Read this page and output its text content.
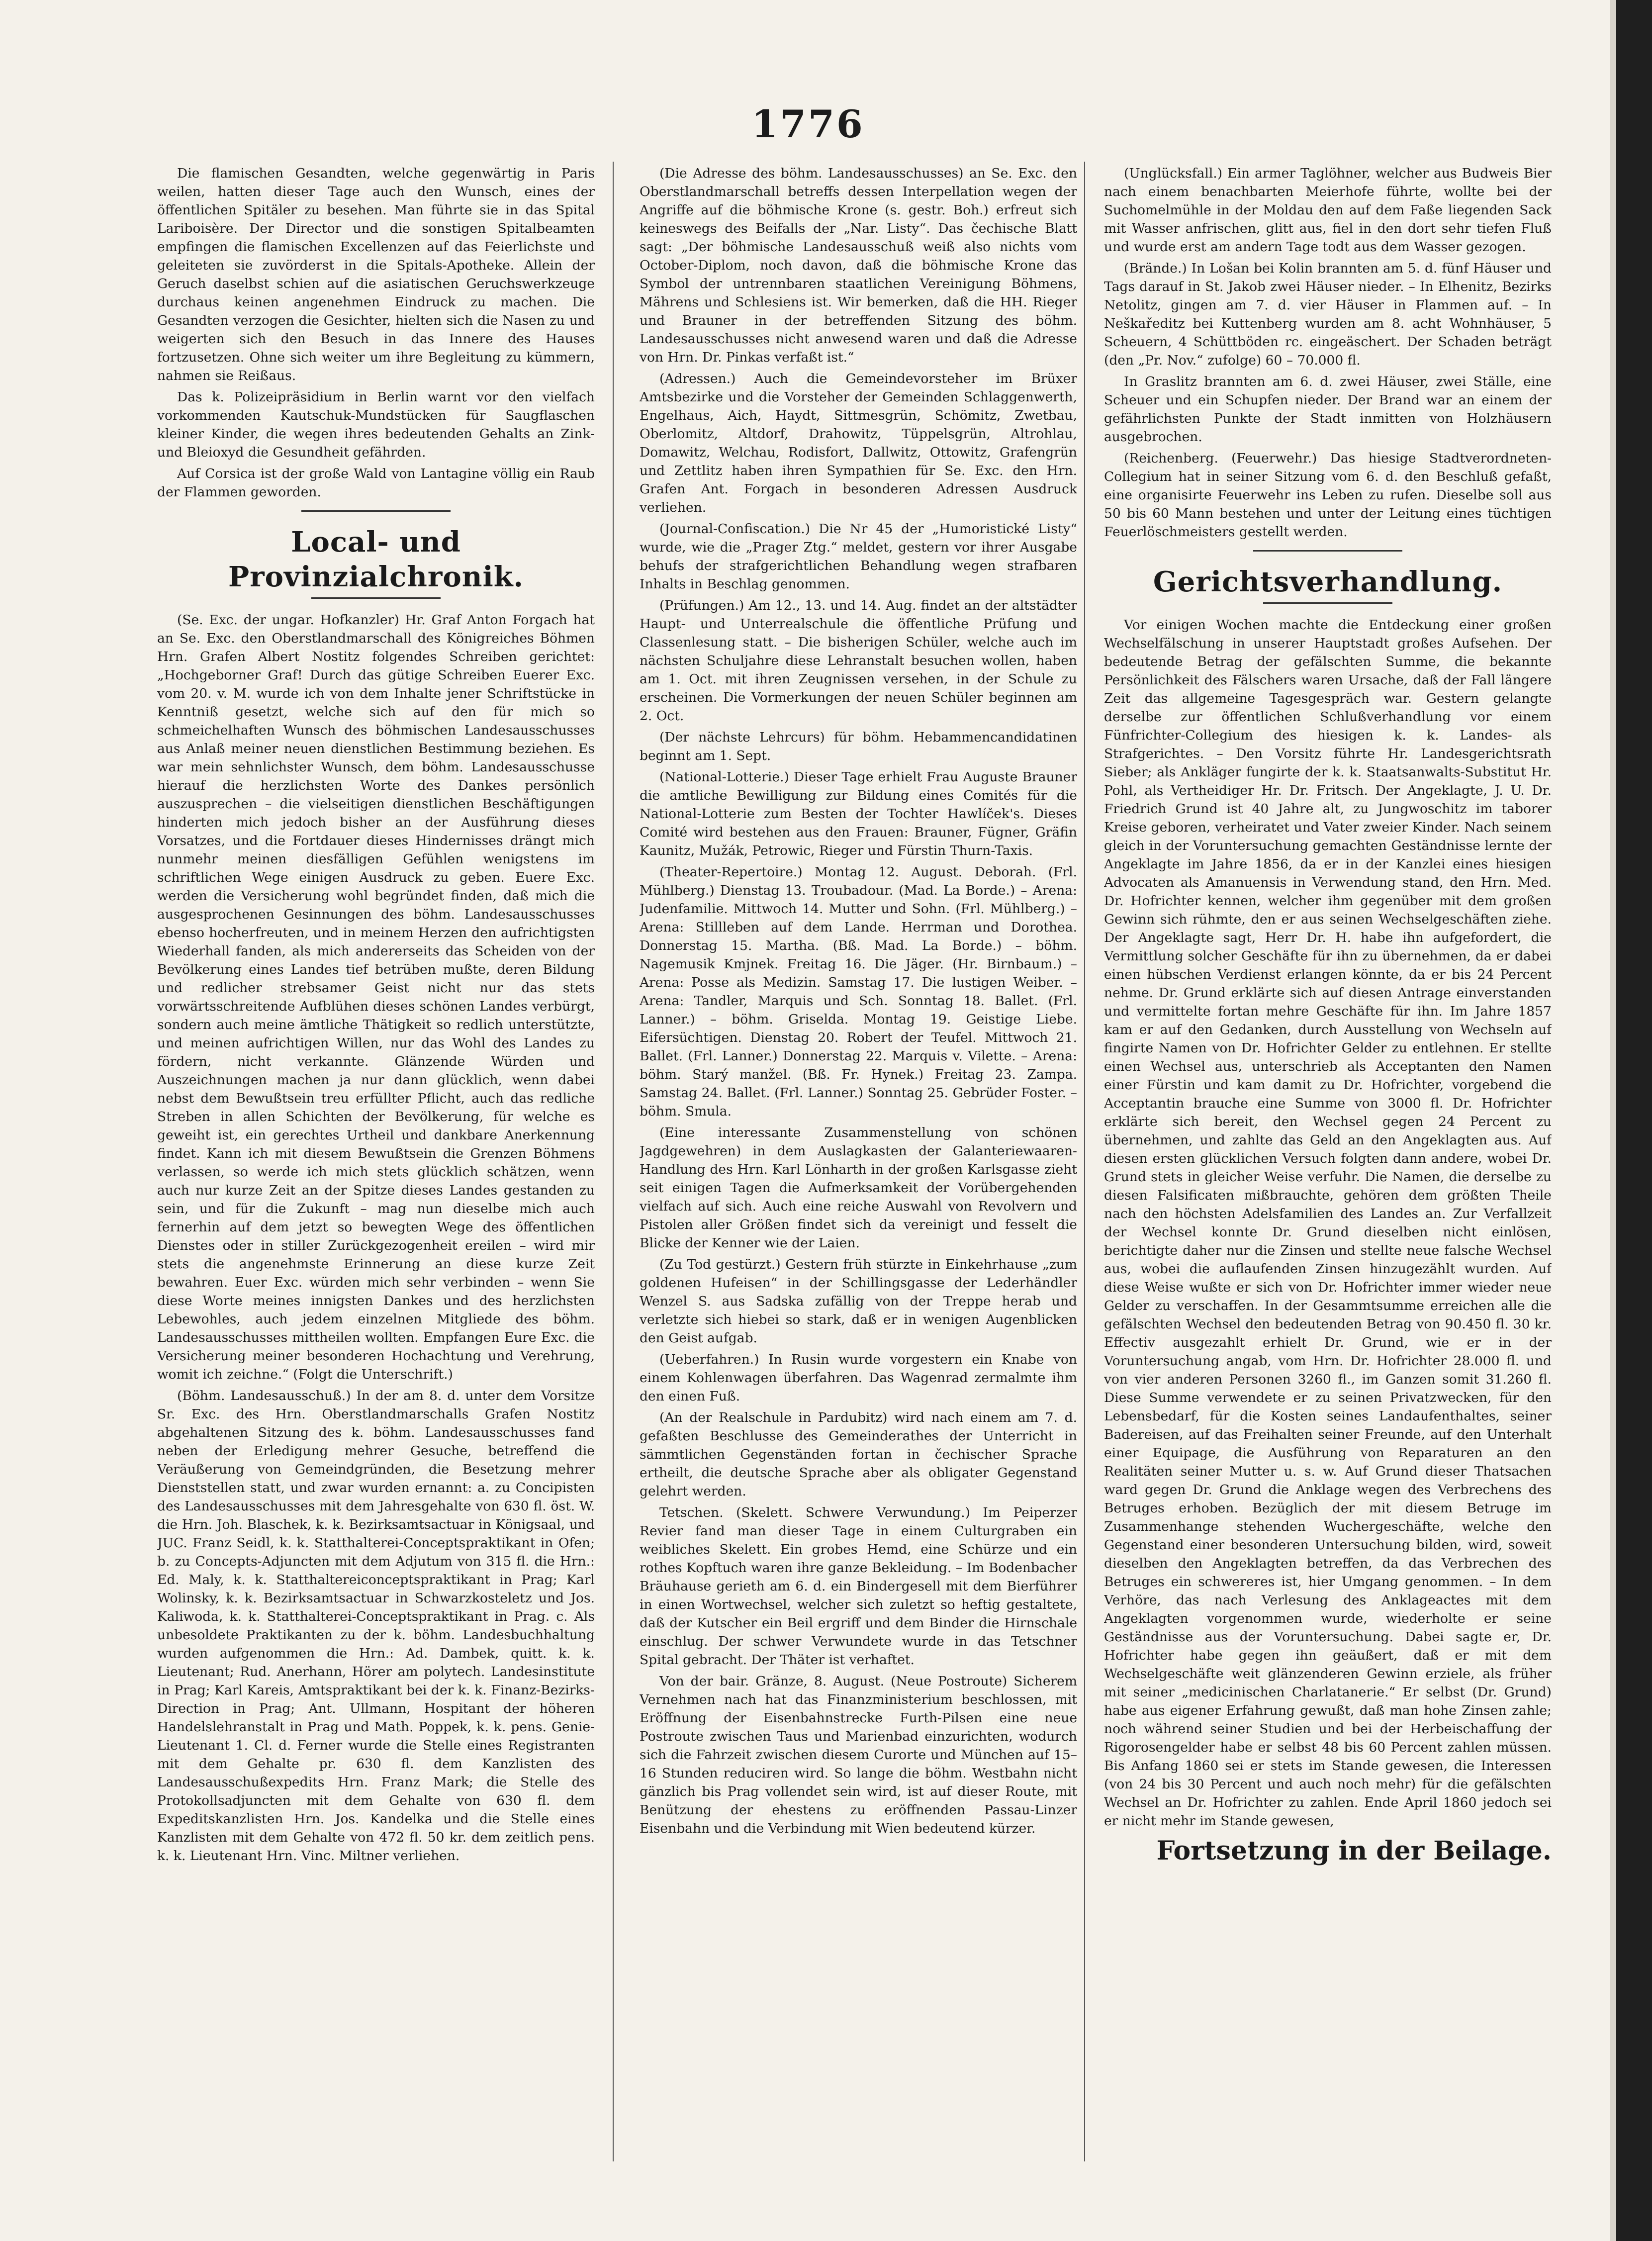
1776

Die flamischen Gesandten, welche gegenwärtig in Paris weilen, hatten dieser Tage auch den Wunsch, eines der öffentlichen Spitäler zu besehen. Man führte sie in das Spital Lariboisère. Der Director und die sonstigen Spitalbeamten empfingen die flamischen Excellenzen auf das Feierlichste und geleiteten sie zuvörderst in die Spitals-Apotheke. Allein der Geruch daselbst schien auf die asiatischen Geruchswerkzeuge durchaus keinen angenehmen Eindruck zu machen. Die Gesandten verzogen die Gesichter, hielten sich die Nasen zu und weigerten sich den Besuch in das Innere des Hauses fortzusetzen. Ohne sich weiter um ihre Begleitung zu kümmern, nahmen sie Reißaus.

Das k. Polizeipräsidium in Berlin warnt vor den vielfach vorkommenden Kautschuk-Mundstücken für Saugflaschen kleiner Kinder, die wegen ihres bedeutenden Gehalts an Zink- und Bleioxyd die Gesundheit gefährden.

Auf Corsica ist der große Wald von Lantagine völlig ein Raub der Flammen geworden.

Local- und Provinzialchronik.

(Se. Exc. der ungar. Hofkanzler) Hr. Graf Anton Forgach hat an Se. Exc. den Oberstlandmarschall des Königreiches Böhmen Hrn. Grafen Albert Nostitz folgendes Schreiben gerichtet: „Hochgeborner Graf! Durch das gütige Schreiben Euerer Exc. vom 20. v. M. wurde ich von dem Inhalte jener Schriftstücke in Kenntniß gesetzt, welche sich auf den für mich so schmeichelhaften Wunsch des böhmischen Landesausschusses aus Anlaß meiner neuen dienstlichen Bestimmung beziehen. Es war mein sehnlichster Wunsch, dem böhm. Landesausschusse hierauf die herzlichsten Worte des Dankes persönlich auszusprechen – die vielseitigen dienstlichen Beschäftigungen hinderten mich jedoch bisher an der Ausführung dieses Vorsatzes, und die Fortdauer dieses Hindernisses drängt mich nunmehr meinen diesfälligen Gefühlen wenigstens im schriftlichen Wege einigen Ausdruck zu geben. Euere Exc. werden die Versicherung wohl begründet finden, daß mich die ausgesprochenen Gesinnungen des böhm. Landesausschusses ebenso hocherfreuten, und in meinem Herzen den aufrichtigsten Wiederhall fanden, als mich andererseits das Scheiden von der Bevölkerung eines Landes tief betrüben mußte, deren Bildung und redlicher strebsamer Geist nicht nur das stets vorwärtsschreitende Aufblühen dieses schönen Landes verbürgt, sondern auch meine ämtliche Thätigkeit so redlich unterstützte, und meinen aufrichtigen Willen, nur das Wohl des Landes zu fördern, nicht verkannte. Glänzende Würden und Auszeichnungen machen ja nur dann glücklich, wenn dabei nebst dem Bewußtsein treu erfüllter Pflicht, auch das redliche Streben in allen Schichten der Bevölkerung, für welche es geweiht ist, ein gerechtes Urtheil und dankbare Anerkennung findet. Kann ich mit diesem Bewußtsein die Grenzen Böhmens verlassen, so werde ich mich stets glücklich schätzen, wenn auch nur kurze Zeit an der Spitze dieses Landes gestanden zu sein, und für die Zukunft – mag nun dieselbe mich auch fernerhin auf dem jetzt so bewegten Wege des öffentlichen Dienstes oder in stiller Zurückgezogenheit ereilen – wird mir stets die angenehmste Erinnerung an diese kurze Zeit bewahren. Euer Exc. würden mich sehr verbinden – wenn Sie diese Worte meines innigsten Dankes und des herzlichsten Lebewohles, auch jedem einzelnen Mitgliede des böhm. Landesausschusses mittheilen wollten. Empfangen Eure Exc. die Versicherung meiner besonderen Hochachtung und Verehrung, womit ich zeichne.“ (Folgt die Unterschrift.)

(Böhm. Landesausschuß.) In der am 8. d. unter dem Vorsitze Sr. Exc. des Hrn. Oberstlandmarschalls Grafen Nostitz abgehaltenen Sitzung des k. böhm. Landesausschusses fand neben der Erledigung mehrer Gesuche, betreffend die Veräußerung von Gemeindgründen, die Besetzung mehrer Dienststellen statt, und zwar wurden ernannt: a. zu Concipisten des Landesausschusses mit dem Jahresgehalte von 630 fl. öst. W. die Hrn. Joh. Blaschek, k. k. Bezirksamtsactuar in Königsaal, und JUC. Franz Seidl, k. k. Statthalterei-Conceptspraktikant in Ofen; b. zu Concepts-Adjuncten mit dem Adjutum von 315 fl. die Hrn.: Ed. Maly, k. k. Statthaltereiconceptspraktikant in Prag; Karl Wolinsky, k. k. Bezirksamtsactuar in Schwarzkosteletz und Jos. Kaliwoda, k. k. Statthalterei-Conceptspraktikant in Prag. c. Als unbesoldete Praktikanten zu der k. böhm. Landesbuchhaltung wurden aufgenommen die Hrn.: Ad. Dambek, quitt. k. k. Lieutenant; Rud. Anerhann, Hörer am polytech. Landesinstitute in Prag; Karl Kareis, Amtspraktikant bei der k. k. Finanz-Bezirks-Direction in Prag; Ant. Ullmann, Hospitant der höheren Handelslehranstalt in Prag und Math. Poppek, k. k. pens. Genie-Lieutenant 1. Cl. d. Ferner wurde die Stelle eines Registranten mit dem Gehalte pr. 630 fl. dem Kanzlisten des Landesausschußexpedits Hrn. Franz Mark; die Stelle des Protokollsadjuncten mit dem Gehalte von 630 fl. dem Expeditskanzlisten Hrn. Jos. Kandelka und die Stelle eines Kanzlisten mit dem Gehalte von 472 fl. 50 kr. dem zeitlich pens. k. k. Lieutenant Hrn. Vinc. Miltner verliehen.

(Die Adresse des böhm. Landesausschusses) an Se. Exc. den Oberstlandmarschall betreffs dessen Interpellation wegen der Angriffe auf die böhmische Krone (s. gestr. Boh.) erfreut sich keineswegs des Beifalls der „Nar. Listy“. Das čechische Blatt sagt: „Der böhmische Landesausschuß weiß also nichts vom October-Diplom, noch davon, daß die böhmische Krone das Symbol der untrennbaren staatlichen Vereinigung Böhmens, Mährens und Schlesiens ist. Wir bemerken, daß die HH. Rieger und Brauner in der betreffenden Sitzung des böhm. Landesausschusses nicht anwesend waren und daß die Adresse von Hrn. Dr. Pinkas verfaßt ist.“

(Adressen.) Auch die Gemeindevorsteher im Brüxer Amtsbezirke und die Vorsteher der Gemeinden Schlaggenwerth, Engelhaus, Aich, Haydt, Sittmesgrün, Schömitz, Zwetbau, Oberlomitz, Altdorf, Drahowitz, Tüppelsgrün, Altrohlau, Domawitz, Welchau, Rodisfort, Dallwitz, Ottowitz, Grafengrün und Zettlitz haben ihren Sympathien für Se. Exc. den Hrn. Grafen Ant. Forgach in besonderen Adressen Ausdruck verliehen.

(Journal-Confiscation.) Die Nr 45 der „Humoristické Listy“ wurde, wie die „Prager Ztg.“ meldet, gestern vor ihrer Ausgabe behufs der strafgerichtlichen Behandlung wegen strafbaren Inhalts in Beschlag genommen.

(Prüfungen.) Am 12., 13. und 14. Aug. findet an der altstädter Haupt- und Unterrealschule die öffentliche Prüfung und Classenlesung statt. – Die bisherigen Schüler, welche auch im nächsten Schuljahre diese Lehranstalt besuchen wollen, haben am 1. Oct. mit ihren Zeugnissen versehen, in der Schule zu erscheinen. Die Vormerkungen der neuen Schüler beginnen am 2. Oct.

(Der nächste Lehrcurs) für böhm. Hebammencandidatinen beginnt am 1. Sept.

(National-Lotterie.) Dieser Tage erhielt Frau Auguste Brauner die amtliche Bewilligung zur Bildung eines Comités für die National-Lotterie zum Besten der Tochter Hawlíček's. Dieses Comité wird bestehen aus den Frauen: Brauner, Fügner, Gräfin Kaunitz, Mužák, Petrowic, Rieger und Fürstin Thurn-Taxis.

(Theater-Repertoire.) Montag 12. August. Deborah. (Frl. Mühlberg.) Dienstag 13. Troubadour. (Mad. La Borde.) – Arena: Judenfamilie. Mittwoch 14. Mutter und Sohn. (Frl. Mühlberg.) – Arena: Stillleben auf dem Lande. Herrman und Dorothea. Donnerstag 15. Martha. (Bß. Mad. La Borde.) – böhm. Nagemusik Kmjnek. Freitag 16. Die Jäger. (Hr. Birnbaum.) – Arena: Posse als Medizin. Samstag 17. Die lustigen Weiber. – Arena: Tandler, Marquis und Sch. Sonntag 18. Ballet. (Frl. Lanner.) – böhm. Griselda. Montag 19. Geistige Liebe. Eifersüchtigen. Dienstag 20. Robert der Teufel. Mittwoch 21. Ballet. (Frl. Lanner.) Donnerstag 22. Marquis v. Vilette. – Arena: böhm. Starý manžel. (Bß. Fr. Hynek.) Freitag 23. Zampa. Samstag 24. Ballet. (Frl. Lanner.) Sonntag 25. Gebrüder Foster. – böhm. Smula.

(Eine interessante Zusammenstellung von schönen Jagdgewehren) in dem Auslagkasten der Galanteriewaaren-Handlung des Hrn. Karl Lönharth in der großen Karlsgasse zieht seit einigen Tagen die Aufmerksamkeit der Vorübergehenden vielfach auf sich. Auch eine reiche Auswahl von Revolvern und Pistolen aller Größen findet sich da vereinigt und fesselt die Blicke der Kenner wie der Laien.

(Zu Tod gestürzt.) Gestern früh stürzte in Einkehrhause „zum goldenen Hufeisen“ in der Schillingsgasse der Lederhändler Wenzel S. aus Sadska zufällig von der Treppe herab und verletzte sich hiebei so stark, daß er in wenigen Augenblicken den Geist aufgab.

(Ueberfahren.) In Rusin wurde vorgestern ein Knabe von einem Kohlenwagen überfahren. Das Wagenrad zermalmte ihm den einen Fuß.

(An der Realschule in Pardubitz) wird nach einem am 7. d. gefaßten Beschlusse des Gemeinderathes der Unterricht in sämmtlichen Gegenständen fortan in čechischer Sprache ertheilt, die deutsche Sprache aber als obligater Gegenstand gelehrt werden.

Tetschen. (Skelett. Schwere Verwundung.) Im Peiperzer Revier fand man dieser Tage in einem Culturgraben ein weibliches Skelett. Ein grobes Hemd, eine Schürze und ein rothes Kopftuch waren ihre ganze Bekleidung. – Im Bodenbacher Bräuhause gerieth am 6. d. ein Bindergesell mit dem Bierführer in einen Wortwechsel, welcher sich zuletzt so heftig gestaltete, daß der Kutscher ein Beil ergriff und dem Binder die Hirnschale einschlug. Der schwer Verwundete wurde in das Tetschner Spital gebracht. Der Thäter ist verhaftet.

Von der bair. Gränze, 8. August. (Neue Postroute) Sicherem Vernehmen nach hat das Finanzministerium beschlossen, mit Eröffnung der Eisenbahnstrecke Furth-Pilsen eine neue Postroute zwischen Taus und Marienbad einzurichten, wodurch sich die Fahrzeit zwischen diesem Curorte und München auf 15–16 Stunden reduciren wird. So lange die böhm. Westbahn nicht gänzlich bis Prag vollendet sein wird, ist auf dieser Route, mit Benützung der ehestens zu eröffnenden Passau-Linzer Eisenbahn und die Verbindung mit Wien bedeutend kürzer.

(Unglücksfall.) Ein armer Taglöhner, welcher aus Budweis Bier nach einem benachbarten Meierhofe führte, wollte bei der Suchomelmühle in der Moldau den auf dem Faße liegenden Sack mit Wasser anfrischen, glitt aus, fiel in den dort sehr tiefen Fluß und wurde erst am andern Tage todt aus dem Wasser gezogen.

(Brände.) In Lošan bei Kolin brannten am 5. d. fünf Häuser und Tags darauf in St. Jakob zwei Häuser nieder. – In Elhenitz, Bezirks Netolitz, gingen am 7. d. vier Häuser in Flammen auf. – In Neškaředitz bei Kuttenberg wurden am 8. acht Wohnhäuser, 5 Scheuern, 4 Schüttböden rc. eingeäschert. Der Schaden beträgt (den „Pr. Nov.“ zufolge) 60 – 70.000 fl.

In Graslitz brannten am 6. d. zwei Häuser, zwei Ställe, eine Scheuer und ein Schupfen nieder. Der Brand war an einem der gefährlichsten Punkte der Stadt inmitten von Holzhäusern ausgebrochen.

(Reichenberg. (Feuerwehr.) Das hiesige Stadtverordneten-Collegium hat in seiner Sitzung vom 6. d. den Beschluß gefaßt, eine organisirte Feuerwehr ins Leben zu rufen. Dieselbe soll aus 50 bis 60 Mann bestehen und unter der Leitung eines tüchtigen Feuerlöschmeisters gestellt werden.

Gerichtsverhandlung.

Vor einigen Wochen machte die Entdeckung einer großen Wechselfälschung in unserer Hauptstadt großes Aufsehen. Der bedeutende Betrag der gefälschten Summe, die bekannte Persönlichkeit des Fälschers waren Ursache, daß der Fall längere Zeit das allgemeine Tagesgespräch war. Gestern gelangte derselbe zur öffentlichen Schlußverhandlung vor einem Fünfrichter-Collegium des hiesigen k. k. Landes- als Strafgerichtes. – Den Vorsitz führte Hr. Landesgerichtsrath Sieber; als Ankläger fungirte der k. k. Staatsanwalts-Substitut Hr. Pohl, als Vertheidiger Hr. Dr. Fritsch. Der Angeklagte, J. U. Dr. Friedrich Grund ist 40 Jahre alt, zu Jungwoschitz im taborer Kreise geboren, verheiratet und Vater zweier Kinder. Nach seinem gleich in der Voruntersuchung gemachten Geständnisse lernte der Angeklagte im Jahre 1856, da er in der Kanzlei eines hiesigen Advocaten als Amanuensis in Verwendung stand, den Hrn. Med. Dr. Hofrichter kennen, welcher ihm gegenüber mit dem großen Gewinn sich rühmte, den er aus seinen Wechselgeschäften ziehe. Der Angeklagte sagt, Herr Dr. H. habe ihn aufgefordert, die Vermittlung solcher Geschäfte für ihn zu übernehmen, da er dabei einen hübschen Verdienst erlangen könnte, da er bis 24 Percent nehme. Dr. Grund erklärte sich auf diesen Antrage einverstanden und vermittelte fortan mehre Geschäfte für ihn. Im Jahre 1857 kam er auf den Gedanken, durch Ausstellung von Wechseln auf fingirte Namen von Dr. Hofrichter Gelder zu entlehnen. Er stellte einen Wechsel aus, unterschrieb als Acceptanten den Namen einer Fürstin und kam damit zu Dr. Hofrichter, vorgebend die Acceptantin brauche eine Summe von 3000 fl. Dr. Hofrichter erklärte sich bereit, den Wechsel gegen 24 Percent zu übernehmen, und zahlte das Geld an den Angeklagten aus. Auf diesen ersten glücklichen Versuch folgten dann andere, wobei Dr. Grund stets in gleicher Weise verfuhr. Die Namen, die derselbe zu diesen Falsificaten mißbrauchte, gehören dem größten Theile nach den höchsten Adelsfamilien des Landes an. Zur Verfallzeit der Wechsel konnte Dr. Grund dieselben nicht einlösen, berichtigte daher nur die Zinsen und stellte neue falsche Wechsel aus, wobei die auflaufenden Zinsen hinzugezählt wurden. Auf diese Weise wußte er sich von Dr. Hofrichter immer wieder neue Gelder zu verschaffen. In der Gesammtsumme erreichen alle die gefälschten Wechsel den bedeutenden Betrag von 90.450 fl. 30 kr. Effectiv ausgezahlt erhielt Dr. Grund, wie er in der Voruntersuchung angab, vom Hrn. Dr. Hofrichter 28.000 fl. und von vier anderen Personen 3260 fl., im Ganzen somit 31.260 fl. Diese Summe verwendete er zu seinen Privatzwecken, für den Lebensbedarf, für die Kosten seines Landaufenthaltes, seiner Badereisen, auf das Freihalten seiner Freunde, auf den Unterhalt einer Equipage, die Ausführung von Reparaturen an den Realitäten seiner Mutter u. s. w. Auf Grund dieser Thatsachen ward gegen Dr. Grund die Anklage wegen des Verbrechens des Betruges erhoben. Bezüglich der mit diesem Betruge im Zusammenhange stehenden Wuchergeschäfte, welche den Gegenstand einer besonderen Untersuchung bilden, wird, soweit dieselben den Angeklagten betreffen, da das Verbrechen des Betruges ein schwereres ist, hier Umgang genommen. – In dem Verhöre, das nach Verlesung des Anklageactes mit dem Angeklagten vorgenommen wurde, wiederholte er seine Geständnisse aus der Voruntersuchung. Dabei sagte er, Dr. Hofrichter habe gegen ihn geäußert, daß er mit dem Wechselgeschäfte weit glänzenderen Gewinn erziele, als früher mit seiner „medicinischen Charlatanerie.“ Er selbst (Dr. Grund) habe aus eigener Erfahrung gewußt, daß man hohe Zinsen zahle; noch während seiner Studien und bei der Herbeischaffung der Rigorosengelder habe er selbst 48 bis 60 Percent zahlen müssen. Bis Anfang 1860 sei er stets im Stande gewesen, die Interessen (von 24 bis 30 Percent und auch noch mehr) für die gefälschten Wechsel an Dr. Hofrichter zu zahlen. Ende April 1860 jedoch sei er nicht mehr im Stande gewesen,

Fortsetzung in der Beilage.
